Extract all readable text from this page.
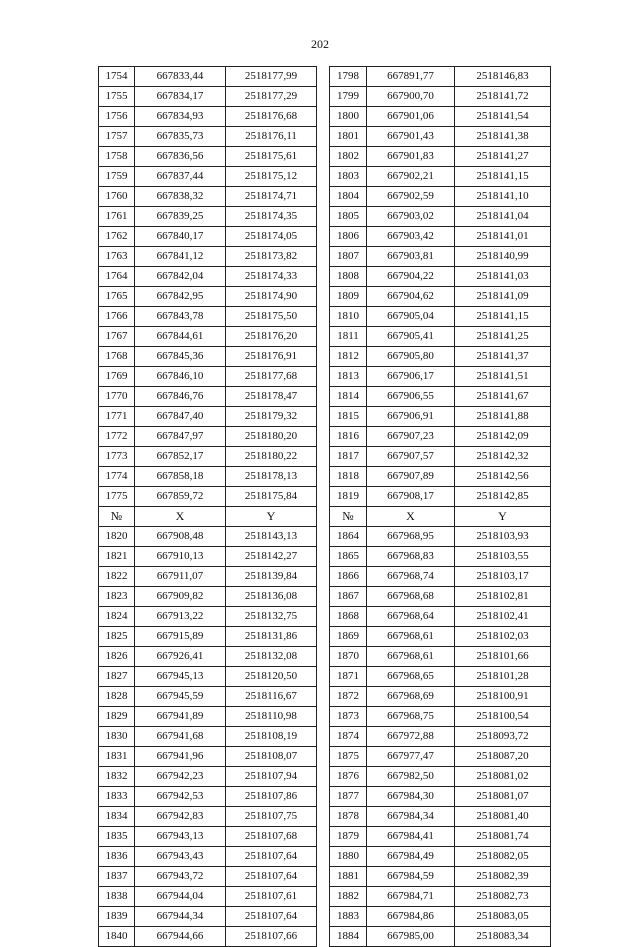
202
1754	667833,44	2518177,99		1798	667891,77	2518146,83
1755	667834,17	2518177,29		1799	667900,70	2518141,72
1756	667834,93	2518176,68		1800	667901,06	2518141,54
1757	667835,73	2518176,11		1801	667901,43	2518141,38
1758	667836,56	2518175,61		1802	667901,83	2518141,27
1759	667837,44	2518175,12		1803	667902,21	2518141,15
1760	667838,32	2518174,71		1804	667902,59	2518141,10
1761	667839,25	2518174,35		1805	667903,02	2518141,04
1762	667840,17	2518174,05		1806	667903,42	2518141,01
1763	667841,12	2518173,82		1807	667903,81	2518140,99
1764	667842,04	2518174,33		1808	667904,22	2518141,03
1765	667842,95	2518174,90		1809	667904,62	2518141,09
1766	667843,78	2518175,50		1810	667905,04	2518141,15
1767	667844,61	2518176,20		1811	667905,41	2518141,25
1768	667845,36	2518176,91		1812	667905,80	2518141,37
1769	667846,10	2518177,68		1813	667906,17	2518141,51
1770	667846,76	2518178,47		1814	667906,55	2518141,67
1771	667847,40	2518179,32		1815	667906,91	2518141,88
1772	667847,97	2518180,20		1816	667907,23	2518142,09
1773	667852,17	2518180,22		1817	667907,57	2518142,32
1774	667858,18	2518178,13		1818	667907,89	2518142,56
1775	667859,72	2518175,84		1819	667908,17	2518142,85
№	X	Y		№	X	Y
1820	667908,48	2518143,13		1864	667968,95	2518103,93
1821	667910,13	2518142,27		1865	667968,83	2518103,55
1822	667911,07	2518139,84		1866	667968,74	2518103,17
1823	667909,82	2518136,08		1867	667968,68	2518102,81
1824	667913,22	2518132,75		1868	667968,64	2518102,41
1825	667915,89	2518131,86		1869	667968,61	2518102,03
1826	667926,41	2518132,08		1870	667968,61	2518101,66
1827	667945,13	2518120,50		1871	667968,65	2518101,28
1828	667945,59	2518116,67		1872	667968,69	2518100,91
1829	667941,89	2518110,98		1873	667968,75	2518100,54
1830	667941,68	2518108,19		1874	667972,88	2518093,72
1831	667941,96	2518108,07		1875	667977,47	2518087,20
1832	667942,23	2518107,94		1876	667982,50	2518081,02
1833	667942,53	2518107,86		1877	667984,30	2518081,07
1834	667942,83	2518107,75		1878	667984,34	2518081,40
1835	667943,13	2518107,68		1879	667984,41	2518081,74
1836	667943,43	2518107,64		1880	667984,49	2518082,05
1837	667943,72	2518107,64		1881	667984,59	2518082,39
1838	667944,04	2518107,61		1882	667984,71	2518082,73
1839	667944,34	2518107,64		1883	667984,86	2518083,05
1840	667944,66	2518107,66		1884	667985,00	2518083,34
